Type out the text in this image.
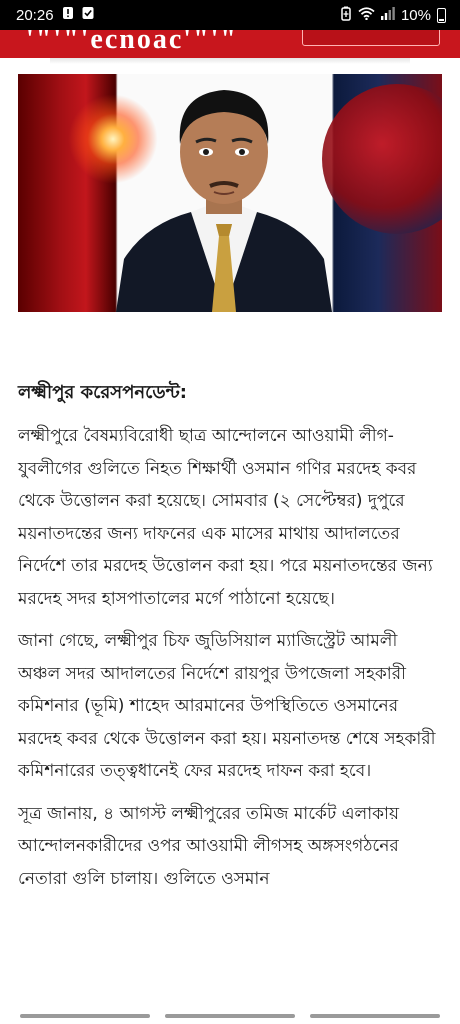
20:26	10%
'"'"'ecnoac'"'"'

লক্ষ্মীপুর করেসপনডেন্ট:

লক্ষ্মীপুরে বৈষম্যবিরোধী ছাত্র আন্দোলনে আওয়ামী লীগ-যুবলীগের গুলিতে নিহত শিক্ষার্থী ওসমান গণির মরদেহ কবর থেকে উত্তোলন করা হয়েছে। সোমবার (২ সেপ্টেম্বর) দুপুরে ময়নাতদন্তের জন্য দাফনের এক মাসের মাথায় আদালতের নির্দেশে তার মরদেহ উত্তোলন করা হয়। পরে ময়নাতদন্তের জন্য মরদেহ সদর হাসপাতালের মর্গে পাঠানো হয়েছে।

জানা গেছে, লক্ষ্মীপুর চিফ জুডিসিয়াল ম্যাজিস্ট্রেট আমলী অঞ্চল সদর আদালতের নির্দেশে রায়পুর উপজেলা সহকারী কমিশনার (ভূমি) শাহেদ আরমানের উপস্থিতিতে ওসমানের মরদেহ কবর থেকে উত্তোলন করা হয়। ময়নাতদন্ত শেষে সহকারী কমিশনারের তত্ত্বধানেই ফের মরদেহ দাফন করা হবে।

সূত্র জানায়, ৪ আগস্ট লক্ষ্মীপুরের তমিজ মার্কেট এলাকায় আন্দোলনকারীদের ওপর আওয়ামী লীগসহ অঙ্গসংগঠনের নেতারা গুলি চালায়। গুলিতে ওসমান
